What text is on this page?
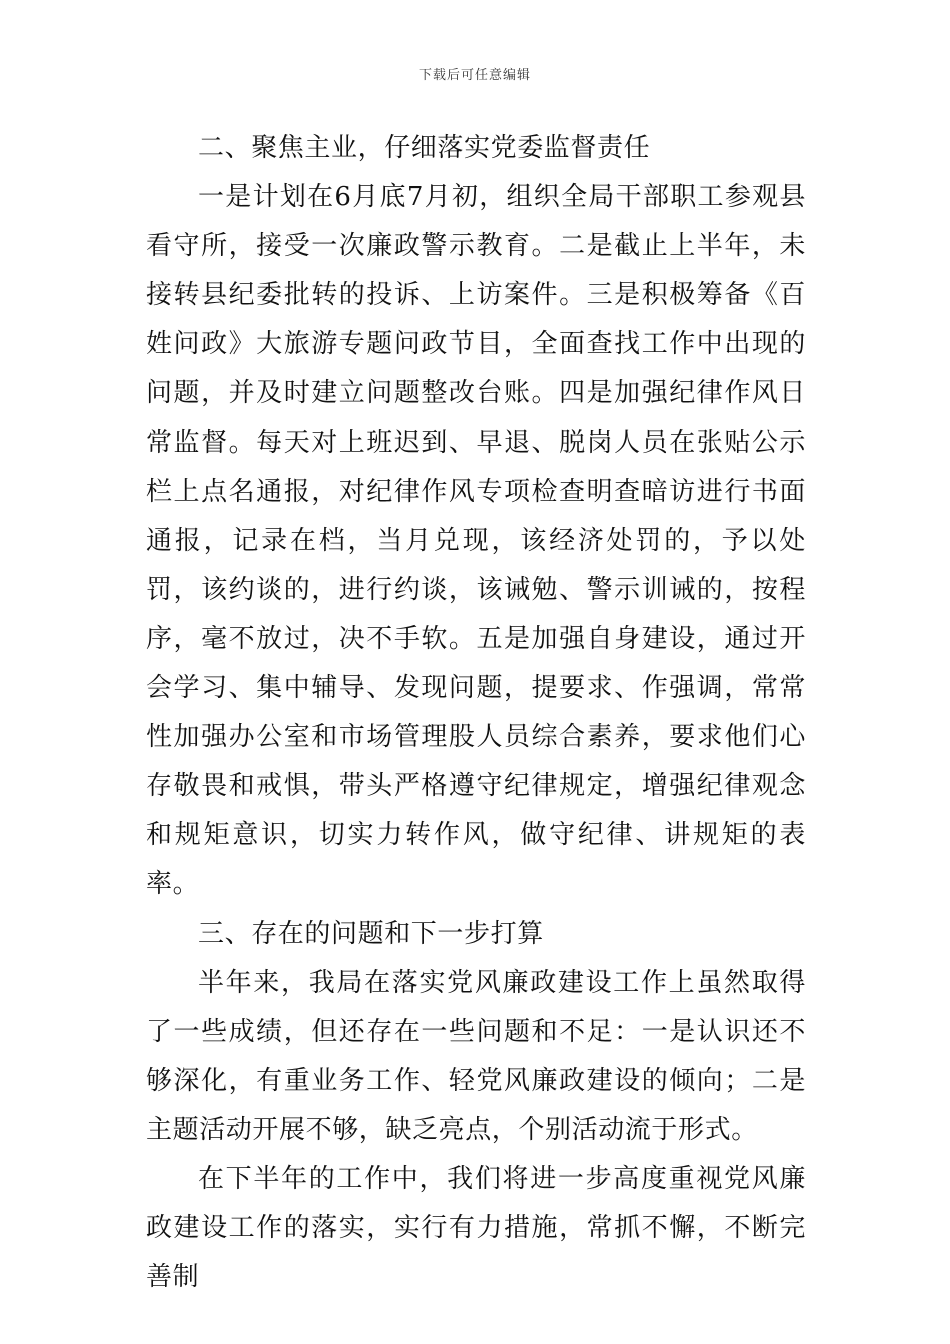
下载后可任意编辑

二、聚焦主业，仔细落实党委监督责任

一是计划在6月底7月初，组织全局干部职工参观县看守所，接受一次廉政警示教育。二是截止上半年，未接转县纪委批转的投诉、上访案件。三是积极筹备《百姓问政》大旅游专题问政节目，全面查找工作中出现的问题，并及时建立问题整改台账。四是加强纪律作风日常监督。每天对上班迟到、早退、脱岗人员在张贴公示栏上点名通报，对纪律作风专项检查明查暗访进行书面通报，记录在档，当月兑现，该经济处罚的，予以处罚，该约谈的，进行约谈，该诫勉、警示训诫的，按程序，毫不放过，决不手软。五是加强自身建设，通过开会学习、集中辅导、发现问题，提要求、作强调，常常性加强办公室和市场管理股人员综合素养，要求他们心存敬畏和戒惧，带头严格遵守纪律规定，增强纪律观念和规矩意识，切实力转作风，做守纪律、讲规矩的表率。

三、存在的问题和下一步打算

半年来，我局在落实党风廉政建设工作上虽然取得了一些成绩，但还存在一些问题和不足：一是认识还不够深化，有重业务工作、轻党风廉政建设的倾向；二是主题活动开展不够，缺乏亮点，个别活动流于形式。

在下半年的工作中，我们将进一步高度重视党风廉政建设工作的落实，实行有力措施，常抓不懈，不断完善制
